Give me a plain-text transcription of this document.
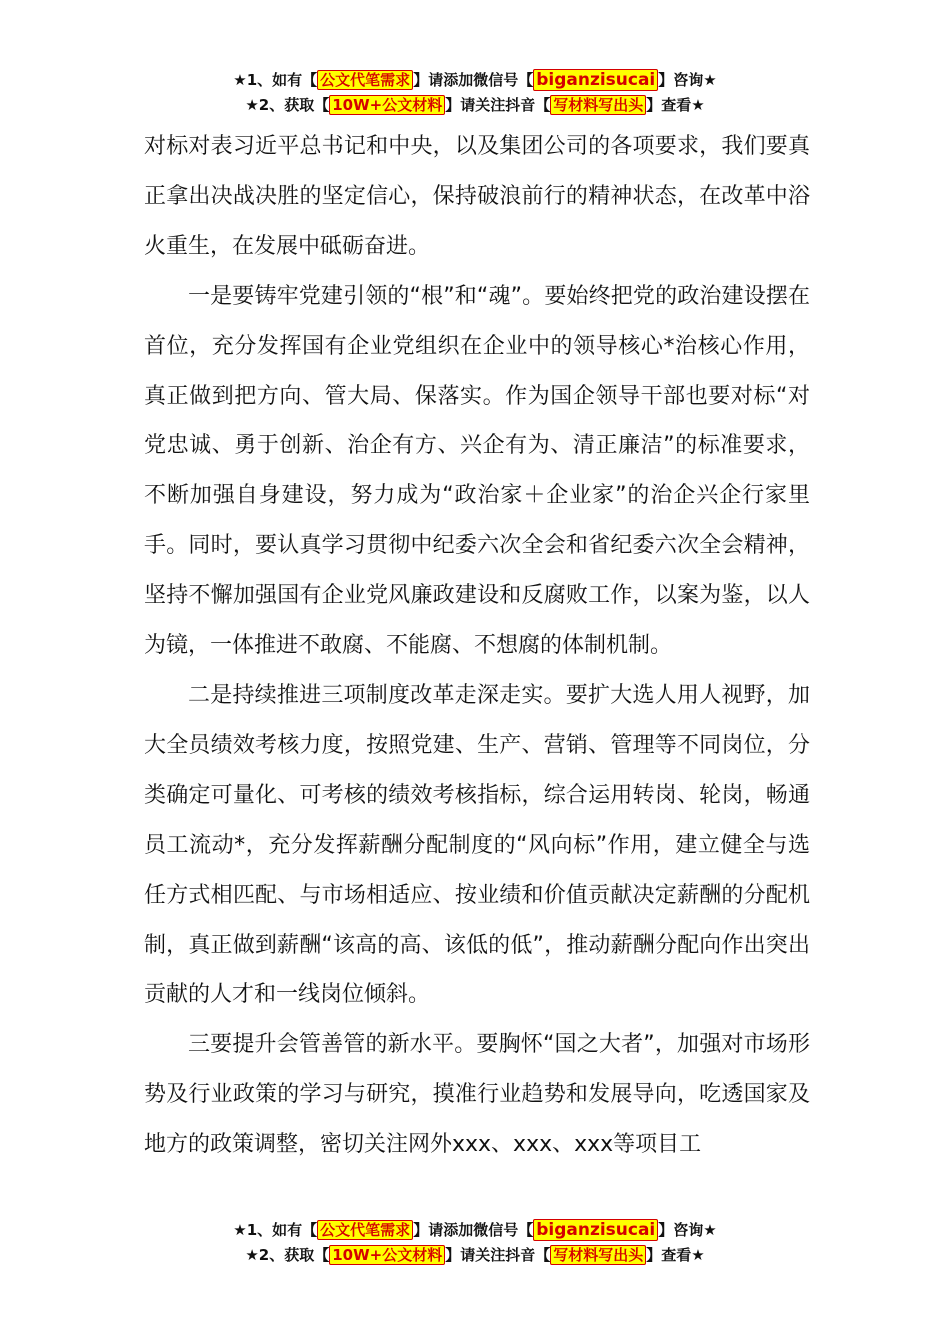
★1、如有【 公文代笔需求 】请添加微信号【 biganzisucai 】咨询★
★2、获取【 10W+公文材料 】请关注抖音【 写材料写出头 】查看★

对标对表习近平总书记和中央，以及集团公司的各项要求，我们要真正拿出决战决胜的坚定信心，保持破浪前行的精神状态，在改革中浴火重生，在发展中砥砺奋进。

一是要铸牢党建引领的“根”和“魂”。要始终把党的政治建设摆在首位，充分发挥国有企业党组织在企业中的领导核心*治核心作用，真正做到把方向、管大局、保落实。作为国企领导干部也要对标“对党忠诚、勇于创新、治企有方、兴企有为、清正廉洁”的标准要求，不断加强自身建设，努力成为“政治家＋企业家”的治企兴企行家里手。同时，要认真学习贯彻中纪委六次全会和省纪委六次全会精神，坚持不懈加强国有企业党风廉政建设和反腐败工作，以案为鉴，以人为镜，一体推进不敢腐、不能腐、不想腐的体制机制。

二是持续推进三项制度改革走深走实。要扩大选人用人视野，加大全员绩效考核力度，按照党建、生产、营销、管理等不同岗位，分类确定可量化、可考核的绩效考核指标，综合运用转岗、轮岗，畅通员工流动*，充分发挥薪酬分配制度的“风向标”作用，建立健全与选任方式相匹配、与市场相适应、按业绩和价值贡献决定薪酬的分配机制，真正做到薪酬“该高的高、该低的低”，推动薪酬分配向作出突出贡献的人才和一线岗位倾斜。

三要提升会管善管的新水平。要胸怀“国之大者”，加强对市场形势及行业政策的学习与研究，摸准行业趋势和发展导向，吃透国家及地方的政策调整，密切关注网外xxx、xxx、xxx等项目工

★1、如有【 公文代笔需求 】请添加微信号【 biganzisucai 】咨询★
★2、获取【 10W+公文材料 】请关注抖音【 写材料写出头 】查看★
